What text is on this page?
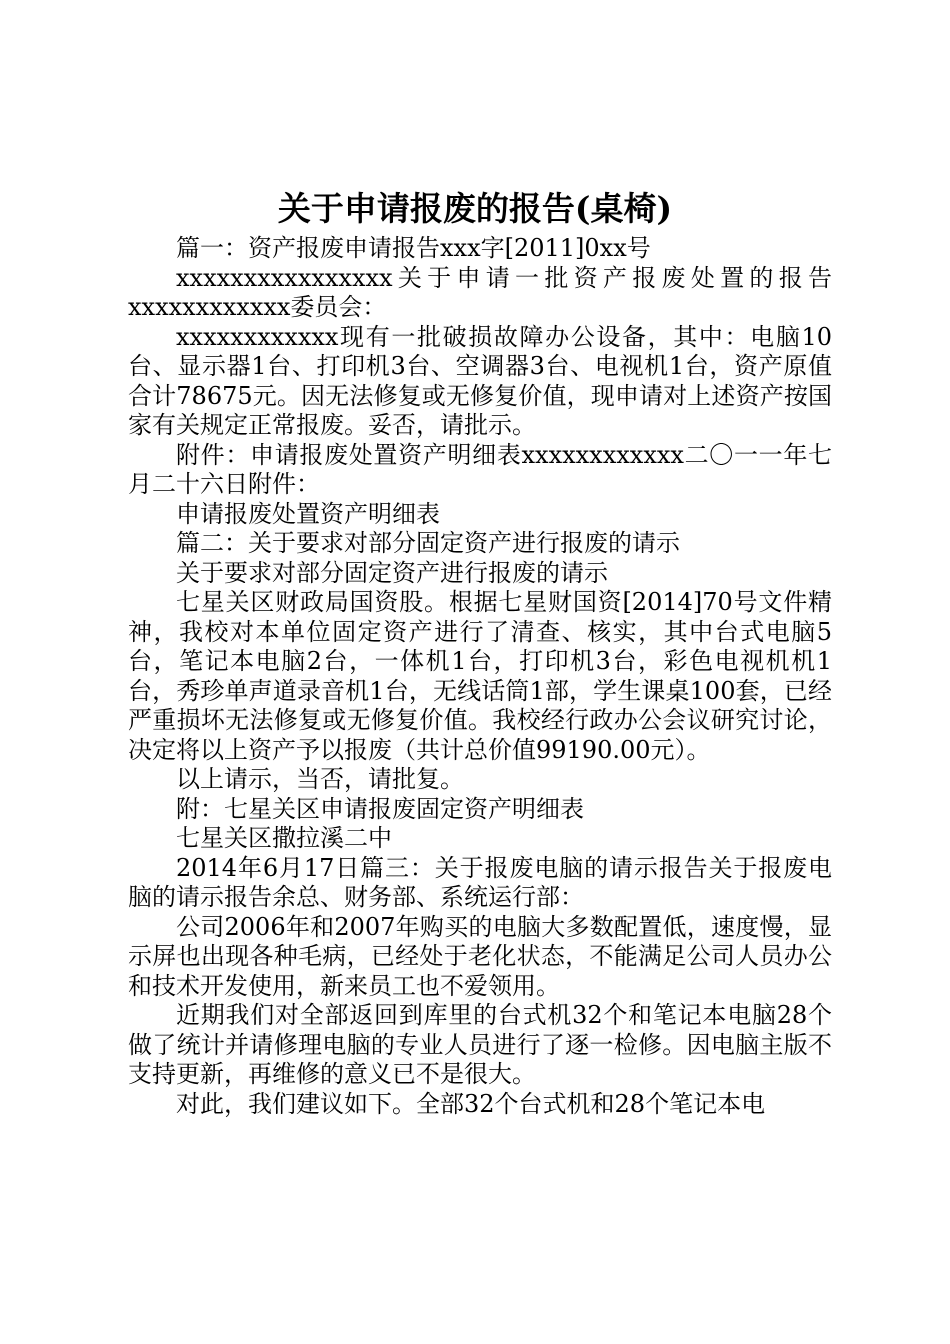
关于申请报废的报告(桌椅)

篇一：资产报废申请报告xxx字[2011]0xx号

xxxxxxxxxxxxxxxx关于申请一批资产报废处置的报告xxxxxxxxxxxx委员会：

xxxxxxxxxxxx现有一批破损故障办公设备，其中：电脑10台、显示器1台、打印机3台、空调器3台、电视机1台，资产原值合计78675元。因无法修复或无修复价值，现申请对上述资产按国家有关规定正常报废。妥否，请批示。

附件：申请报废处置资产明细表xxxxxxxxxxxx二〇一一年七月二十六日附件：

申请报废处置资产明细表

篇二：关于要求对部分固定资产进行报废的请示

关于要求对部分固定资产进行报废的请示

七星关区财政局国资股。根据七星财国资[2014]70号文件精神，我校对本单位固定资产进行了清查、核实，其中台式电脑5台，笔记本电脑2台，一体机1台，打印机3台，彩色电视机机1台，秀珍单声道录音机1台，无线话筒1部，学生课桌100套，已经严重损坏无法修复或无修复价值。我校经行政办公会议研究讨论，决定将以上资产予以报废（共计总价值99190.00元）。

以上请示，当否，请批复。

附：七星关区申请报废固定资产明细表

七星关区撒拉溪二中

2014年6月17日篇三：关于报废电脑的请示报告关于报废电脑的请示报告余总、财务部、系统运行部：

公司2006年和2007年购买的电脑大多数配置低，速度慢，显示屏也出现各种毛病，已经处于老化状态，不能满足公司人员办公和技术开发使用，新来员工也不爱领用。

近期我们对全部返回到库里的台式机32个和笔记本电脑28个做了统计并请修理电脑的专业人员进行了逐一检修。因电脑主版不支持更新，再维修的意义已不是很大。

对此，我们建议如下。全部32个台式机和28个笔记本电
